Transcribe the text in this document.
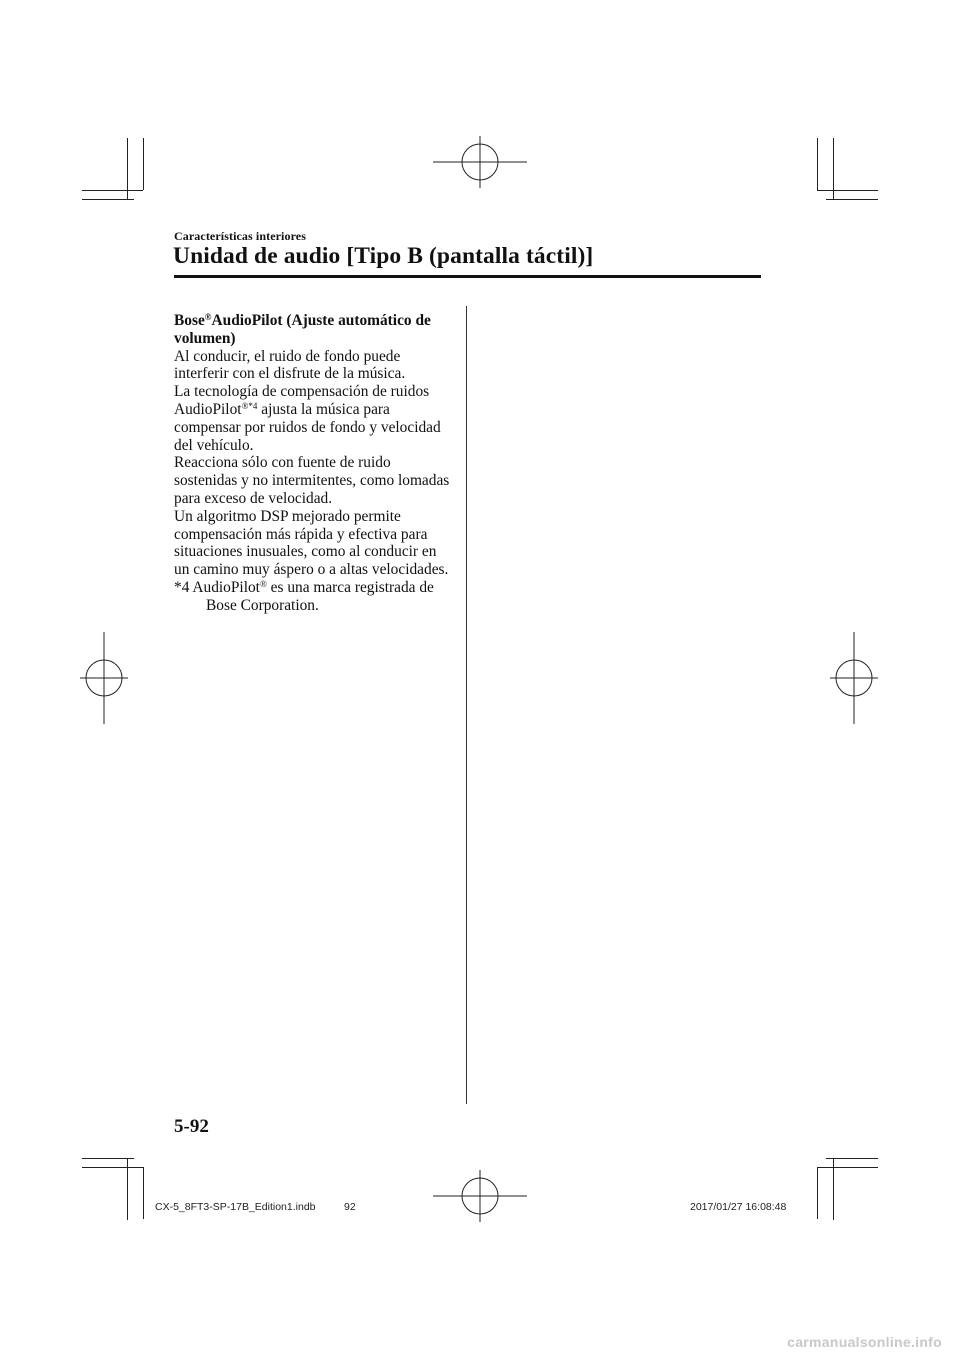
Características interiores
Unidad de audio [Tipo B (pantalla táctil)]

Bose®AudioPilot (Ajuste automático de volumen)

Al conducir, el ruido de fondo puede interferir con el disfrute de la música.

La tecnología de compensación de ruidos AudioPilot$^{®*4}$ ajusta la música para compensar por ruidos de fondo y velocidad del vehículo.

Reacciona sólo con fuente de ruido sostenidas y no intermitentes, como lomadas para exceso de velocidad.

Un algoritmo DSP mejorado permite compensación más rápida y efectiva para situaciones inusuales, como al conducir en un camino muy áspero o a altas velocidades.

*4 AudioPilot® es una marca registrada de Bose Corporation.

5-92
CX-5_8FT3-SP-17B_Edition1.indb	92	2017/01/27 16:08:48
carmanualsonline.info
